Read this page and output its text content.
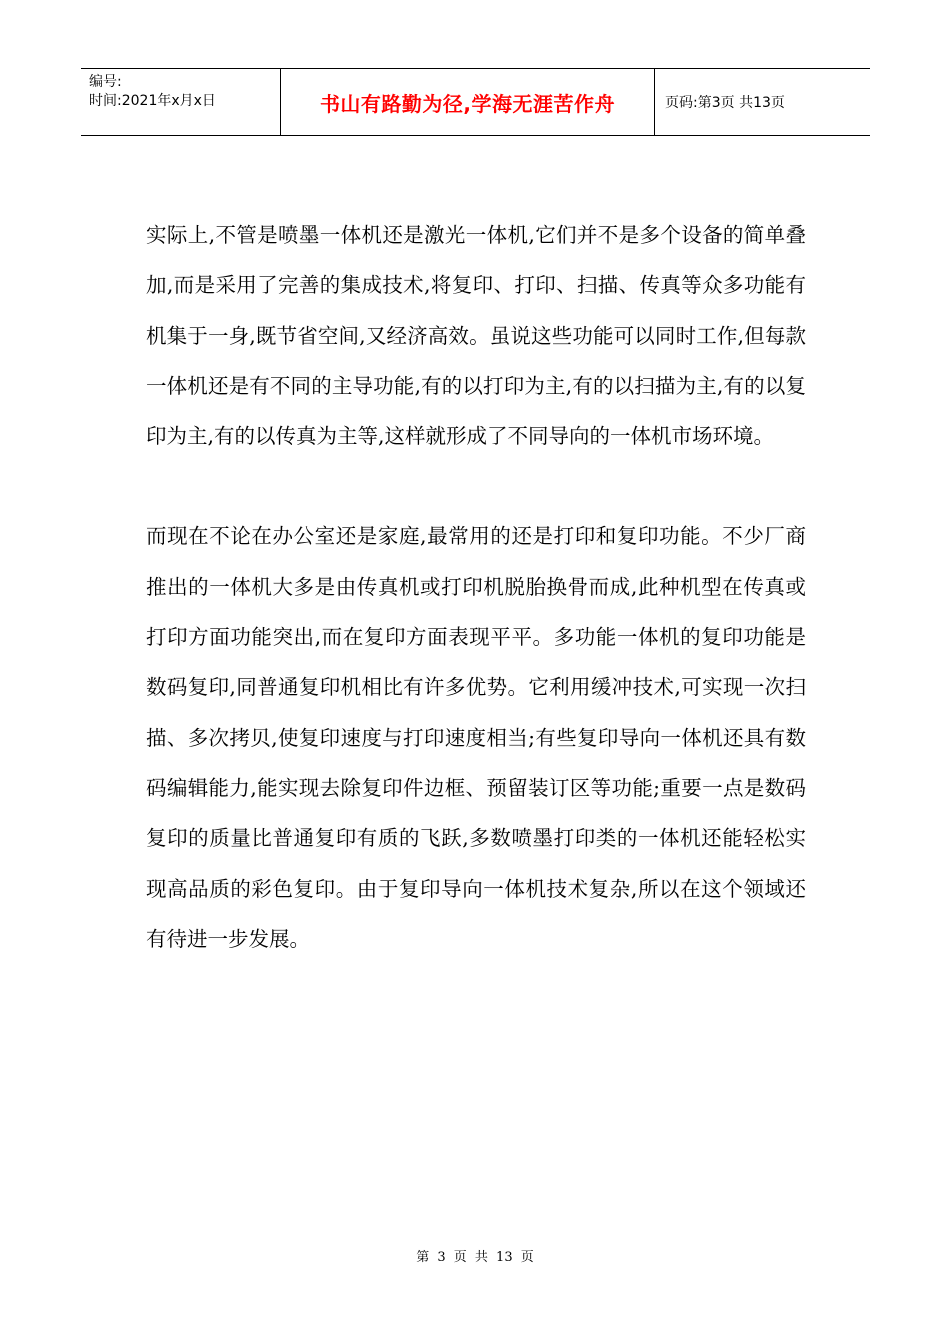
编号:
时间:2021年x月x日	书山有路勤为径,学海无涯苦作舟	页码:第3页 共13页

实际上,不管是喷墨一体机还是激光一体机,它们并不是多个设备的简单叠加,而是采用了完善的集成技术,将复印、打印、扫描、传真等众多功能有机集于一身,既节省空间,又经济高效。虽说这些功能可以同时工作,但每款一体机还是有不同的主导功能,有的以打印为主,有的以扫描为主,有的以复印为主,有的以传真为主等,这样就形成了不同导向的一体机市场环境。

而现在不论在办公室还是家庭,最常用的还是打印和复印功能。不少厂商推出的一体机大多是由传真机或打印机脱胎换骨而成,此种机型在传真或打印方面功能突出,而在复印方面表现平平。多功能一体机的复印功能是数码复印,同普通复印机相比有许多优势。它利用缓冲技术,可实现一次扫描、多次拷贝,使复印速度与打印速度相当;有些复印导向一体机还具有数码编辑能力,能实现去除复印件边框、预留装订区等功能;重要一点是数码复印的质量比普通复印有质的飞跃,多数喷墨打印类的一体机还能轻松实现高品质的彩色复印。由于复印导向一体机技术复杂,所以在这个领域还有待进一步发展。

第 3 页 共 13 页
